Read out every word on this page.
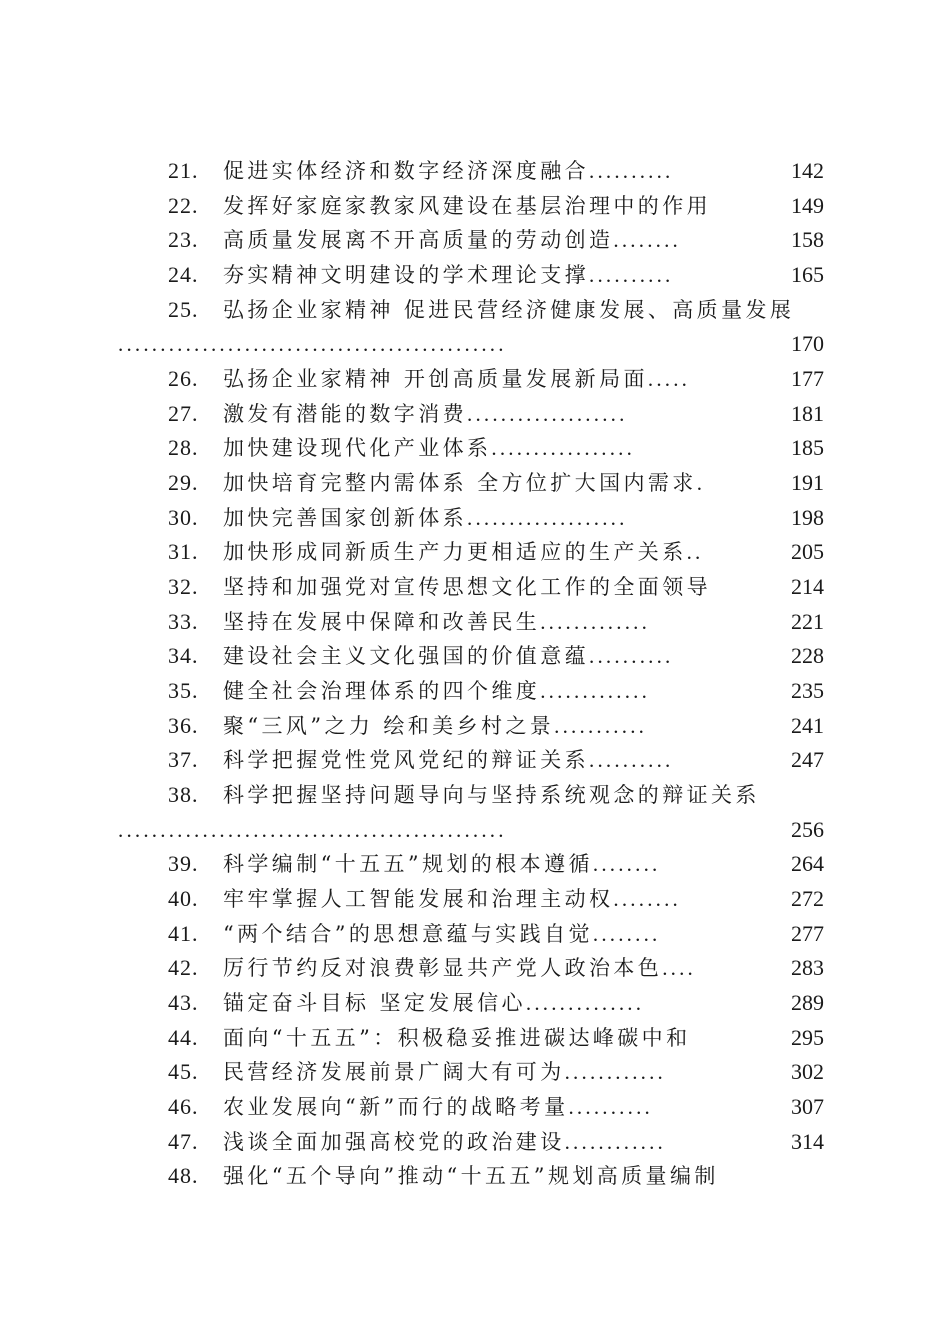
21.	促进实体经济和数字经济深度融合 ..........	142
22.	发挥好家庭家教家风建设在基层治理中的作用	149
23.	高质量发展离不开高质量的劳动创造 ........	158
24.	夯实精神文明建设的学术理论支撑 ..........	165
25.	弘扬企业家精神 促进民营经济健康发展、高质量发展
..............................................	170
26.	弘扬企业家精神 开创高质量发展新局面 .....	177
27.	激发有潜能的数字消费 ...................	181
28.	加快建设现代化产业体系 .................	185
29.	加快培育完整内需体系 全方位扩大国内需求 .	191
30.	加快完善国家创新体系 ...................	198
31.	加快形成同新质生产力更相适应的生产关系 ..	205
32.	坚持和加强党对宣传思想文化工作的全面领导	214
33.	坚持在发展中保障和改善民生 .............	221
34.	建设社会主义文化强国的价值意蕴 ..........	228
35.	健全社会治理体系的四个维度 .............	235
36.	聚“三风”之力 绘和美乡村之景 ...........	241
37.	科学把握党性党风党纪的辩证关系 ..........	247
38.	科学把握坚持问题导向与坚持系统观念的辩证关系
..............................................	256
39.	科学编制“十五五”规划的根本遵循 ........	264
40.	牢牢掌握人工智能发展和治理主动权 ........	272
41.	“两个结合”的思想意蕴与实践自觉 ........	277
42.	厉行节约反对浪费彰显共产党人政治本色 ....	283
43.	锚定奋斗目标 坚定发展信心 ..............	289
44.	面向“十五五”：积极稳妥推进碳达峰碳中和	295
45.	民营经济发展前景广阔大有可为 ............	302
46.	农业发展向“新”而行的战略考量 ..........	307
47.	浅谈全面加强高校党的政治建设 ............	314
48.	强化“五个导向”推动“十五五”规划高质量编制
